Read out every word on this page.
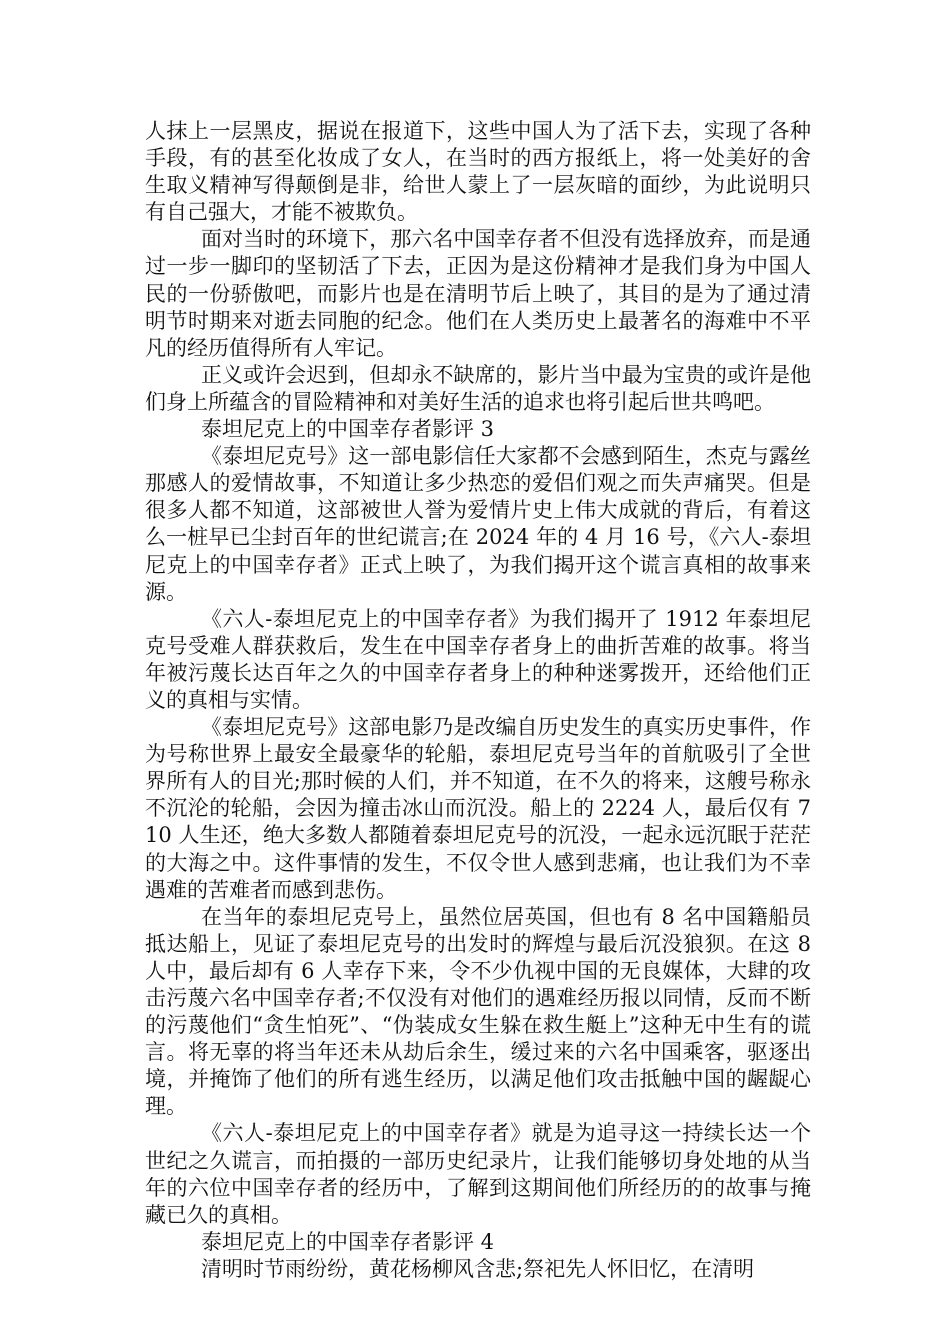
人抹上一层黑皮，据说在报道下，这些中国人为了活下去，实现了各种手段，有的甚至化妆成了女人，在当时的西方报纸上，将一处美好的舍生取义精神写得颠倒是非，给世人蒙上了一层灰暗的面纱，为此说明只有自己强大，才能不被欺负。

面对当时的环境下，那六名中国幸存者不但没有选择放弃，而是通过一步一脚印的坚韧活了下去，正因为是这份精神才是我们身为中国人民的一份骄傲吧，而影片也是在清明节后上映了，其目的是为了通过清明节时期来对逝去同胞的纪念。他们在人类历史上最著名的海难中不平凡的经历值得所有人牢记。

正义或许会迟到，但却永不缺席的，影片当中最为宝贵的或许是他们身上所蕴含的冒险精神和对美好生活的追求也将引起后世共鸣吧。

泰坦尼克上的中国幸存者影评 3

《泰坦尼克号》这一部电影信任大家都不会感到陌生，杰克与露丝那感人的爱情故事，不知道让多少热恋的爱侣们观之而失声痛哭。但是很多人都不知道，这部被世人誉为爱情片史上伟大成就的背后，有着这么一桩早已尘封百年的世纪谎言;在 2024 年的 4 月 16 号，《六人-泰坦尼克上的中国幸存者》正式上映了，为我们揭开这个谎言真相的故事来源。

《六人-泰坦尼克上的中国幸存者》为我们揭开了 1912 年泰坦尼克号受难人群获救后，发生在中国幸存者身上的曲折苦难的故事。将当年被污蔑长达百年之久的中国幸存者身上的种种迷雾拨开，还给他们正义的真相与实情。

《泰坦尼克号》这部电影乃是改编自历史发生的真实历史事件，作为号称世界上最安全最豪华的轮船，泰坦尼克号当年的首航吸引了全世界所有人的目光;那时候的人们，并不知道，在不久的将来，这艘号称永不沉沦的轮船，会因为撞击冰山而沉没。船上的 2224 人，最后仅有 710 人生还，绝大多数人都随着泰坦尼克号的沉没，一起永远沉眠于茫茫的大海之中。这件事情的发生，不仅令世人感到悲痛，也让我们为不幸遇难的苦难者而感到悲伤。

在当年的泰坦尼克号上，虽然位居英国，但也有 8 名中国籍船员抵达船上，见证了泰坦尼克号的出发时的辉煌与最后沉没狼狈。在这 8 人中，最后却有 6 人幸存下来，令不少仇视中国的无良媒体，大肆的攻击污蔑六名中国幸存者;不仅没有对他们的遇难经历报以同情，反而不断的污蔑他们“贪生怕死”、“伪装成女生躲在救生艇上”这种无中生有的谎言。将无辜的将当年还未从劫后余生，缓过来的六名中国乘客，驱逐出境，并掩饰了他们的所有逃生经历，以满足他们攻击抵触中国的龌龊心理。

《六人-泰坦尼克上的中国幸存者》就是为追寻这一持续长达一个世纪之久谎言，而拍摄的一部历史纪录片，让我们能够切身处地的从当年的六位中国幸存者的经历中，了解到这期间他们所经历的的故事与掩藏已久的真相。

泰坦尼克上的中国幸存者影评 4

清明时节雨纷纷，黄花杨柳风含悲;祭祀先人怀旧忆，在清明
